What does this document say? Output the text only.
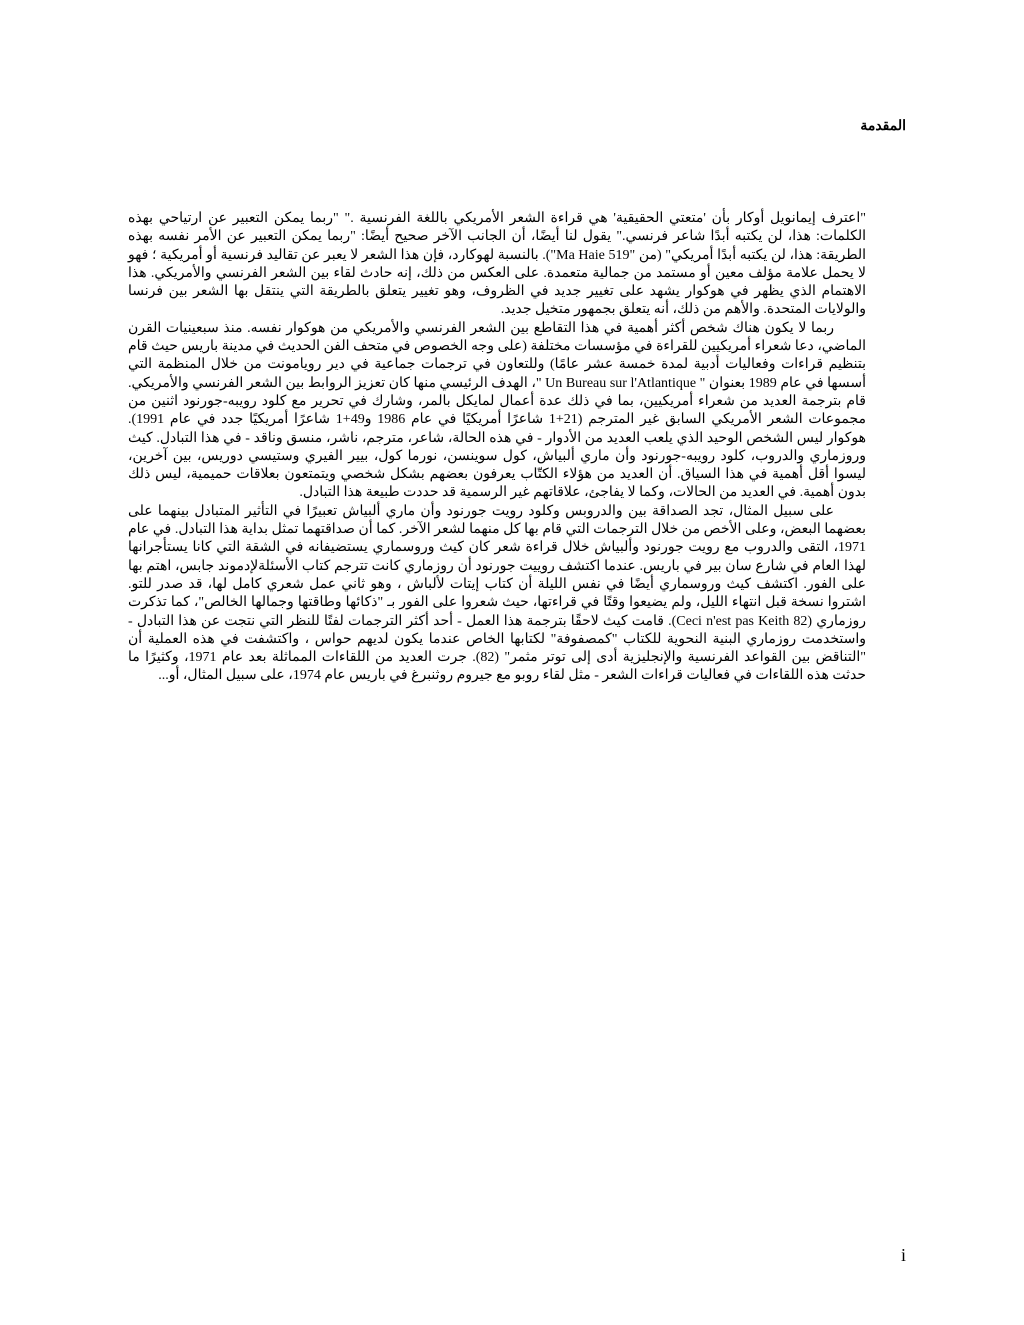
المقدمة

"اعترف إيمانويل أوكار بأن 'متعتي الحقيقية' هي قراءة الشعر الأمريكي باللغة الفرنسية ." "ربما يمكن التعبير عن ارتياحي بهذه الكلمات: هذا، لن يكتبه أبدًا شاعر فرنسي." يقول لنا أيضًا، أن الجانب الآخر صحيح أيضًا: "ربما يمكن التعبير عن الأمر نفسه بهذه الطريقة: هذا، لن يكتبه أبدًا أمريكي" (من "519 Ma Haie"). بالنسبة لهوكارد، فإن هذا الشعر لا يعبر عن تقاليد فرنسية أو أمريكية ؛ فهو لا يحمل علامة مؤلف معين أو مستمد من جمالية متعمدة. على العكس من ذلك، إنه حادث لقاء بين الشعر الفرنسي والأمريكي. هذا الاهتمام الذي يظهر في هوكوار يشهد على تغيير جديد في الظروف، وهو تغيير يتعلق بالطريقة التي ينتقل بها الشعر بين فرنسا والولايات المتحدة. والأهم من ذلك، أنه يتعلق بجمهور متخيل جديد.

ربما لا يكون هناك شخص أكثر أهمية في هذا التقاطع بين الشعر الفرنسي والأمريكي من هوكوار نفسه. منذ سبعينيات القرن الماضي، دعا شعراء أمريكيين للقراءة في مؤسسات مختلفة (على وجه الخصوص في متحف الفن الحديث في مدينة باريس حيث قام بتنظيم قراءات وفعاليات أدبية لمدة خمسة عشر عامًا) وللتعاون في ترجمات جماعية في دير رويامونت من خلال المنظمة التي أسسها في عام 1989 بعنوان " Un Bureau sur l'Atlantique "، الهدف الرئيسي منها كان تعزيز الروابط بين الشعر الفرنسي والأمريكي. قام بترجمة العديد من شعراء أمريكيين، بما في ذلك عدة أعمال لمايكل بالمر، وشارك في تحرير مع كلود رويبه-جورنود اثنين من مجموعات الشعر الأمريكي السابق غير المترجم (21+1 شاعرًا أمريكيًا في عام 1986 و49+1 شاعرًا أمريكيًا جدد في عام 1991). هوكوار ليس الشخص الوحيد الذي يلعب العديد من الأدوار - في هذه الحالة، شاعر، مترجم، ناشر، منسق وناقد - في هذا التبادل. كيث وروزماري والدروب، كلود رويبه-جورنود وأن ماري ألبياش، كول سوينسن، نورما كول، بيير الفيري وستيسي دوريس، بين آخرين، ليسوا أقل أهمية في هذا السياق. أن العديد من هؤلاء الكتّاب يعرفون بعضهم بشكل شخصي ويتمتعون بعلاقات حميمية، ليس ذلك بدون أهمية. في العديد من الحالات، وكما لا يفاجئ، علاقاتهم غير الرسمية قد حددت طبيعة هذا التبادل.

على سبيل المثال، تجد الصداقة بين والدروبس وكلود رويت جورنود وأن ماري ألبياش تعبيرًا في التأثير المتبادل بينهما على بعضهما البعض، وعلى الأخص من خلال الترجمات التي قام بها كل منهما لشعر الآخر. كما أن صداقتهما تمثل بداية هذا التبادل. في عام 1971، التقى والدروب مع رويت جورنود وألبياش خلال قراءة شعر كان كيث وروسماري يستضيفانه في الشقة التي كانا يستأجرانها لهذا العام في شارع سان بير في باريس. عندما اكتشف روييت جورنود أن روزماري كانت تترجم كتاب الأسئلةلإدموند جابس، اهتم بها على الفور. اكتشف كيث وروسماري أيضًا في نفس الليلة أن كتاب إيتات لألباش ، وهو ثاني عمل شعري كامل لها، قد صدر للتو. اشتروا نسخة قبل انتهاء الليل، ولم يضيعوا وقتًا في قراءتها، حيث شعروا على الفور بـ "ذكائها وطاقتها وجمالها الخالص"، كما تذكرت روزماري (Ceci n'est pas Keith 82). قامت كيث لاحقًا بترجمة هذا العمل - أحد أكثر الترجمات لفتًا للنظر التي نتجت عن هذا التبادل - واستخدمت روزماري البنية النحوية للكتاب "كمصفوفة" لكتابها الخاص عندما يكون لديهم حواس ، واكتشفت في هذه العملية أن "التناقض بين القواعد الفرنسية والإنجليزية أدى إلى توتر مثمر" (82). جرت العديد من اللقاءات المماثلة بعد عام 1971، وكثيرًا ما حدثت هذه اللقاءات في فعاليات قراءات الشعر - مثل لقاء روبو مع جيروم روثنبرغ في باريس عام 1974، على سبيل المثال، أو...

i
